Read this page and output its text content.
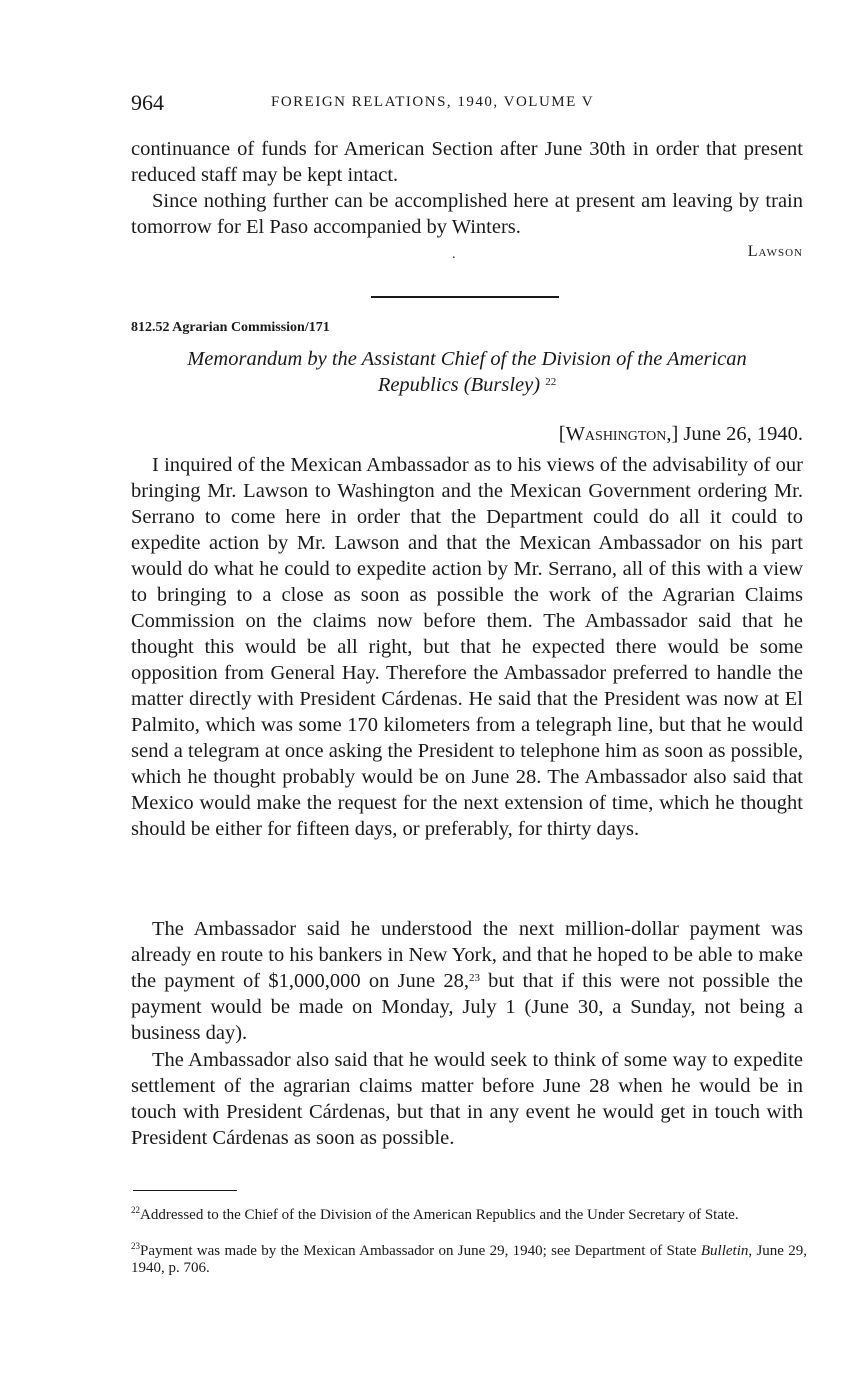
964	FOREIGN RELATIONS, 1940, VOLUME V

continuance of funds for American Section after June 30th in order that present reduced staff may be kept intact.

Since nothing further can be accomplished here at present am leaving by train tomorrow for El Paso accompanied by Winters.

.	Lawson
812.52 Agrarian Commission/171
Memorandum by the Assistant Chief of the Division of the American
Republics (Bursley) $^{22}$
[Washington,] June 26, 1940.

I inquired of the Mexican Ambassador as to his views of the advisability of our bringing Mr. Lawson to Washington and the Mexican Government ordering Mr. Serrano to come here in order that the Department could do all it could to expedite action by Mr. Lawson and that the Mexican Ambassador on his part would do what he could to expedite action by Mr. Serrano, all of this with a view to bringing to a close as soon as possible the work of the Agrarian Claims Commission on the claims now before them. The Ambassador said that he thought this would be all right, but that he expected there would be some opposition from General Hay. Therefore the Ambassador preferred to handle the matter directly with President Cárdenas. He said that the President was now at El Palmito, which was some 170 kilometers from a telegraph line, but that he would send a telegram at once asking the President to telephone him as soon as possible, which he thought probably would be on June 28. The Ambassador also said that Mexico would make the request for the next extension of time, which he thought should be either for fifteen days, or preferably, for thirty days.

The Ambassador said he understood the next million-dollar payment was already en route to his bankers in New York, and that he hoped to be able to make the payment of $1,000,000 on June 28,23 but that if this were not possible the payment would be made on Monday, July 1 (June 30, a Sunday, not being a business day).

The Ambassador also said that he would seek to think of some way to expedite settlement of the agrarian claims matter before June 28 when he would be in touch with President Cárdenas, but that in any event he would get in touch with President Cárdenas as soon as possible.

$^{22}$Addressed to the Chief of the Division of the American Republics and the Under Secretary of State.

$^{23}$Payment was made by the Mexican Ambassador on June 29, 1940; see Department of State Bulletin, June 29, 1940, p. 706.
